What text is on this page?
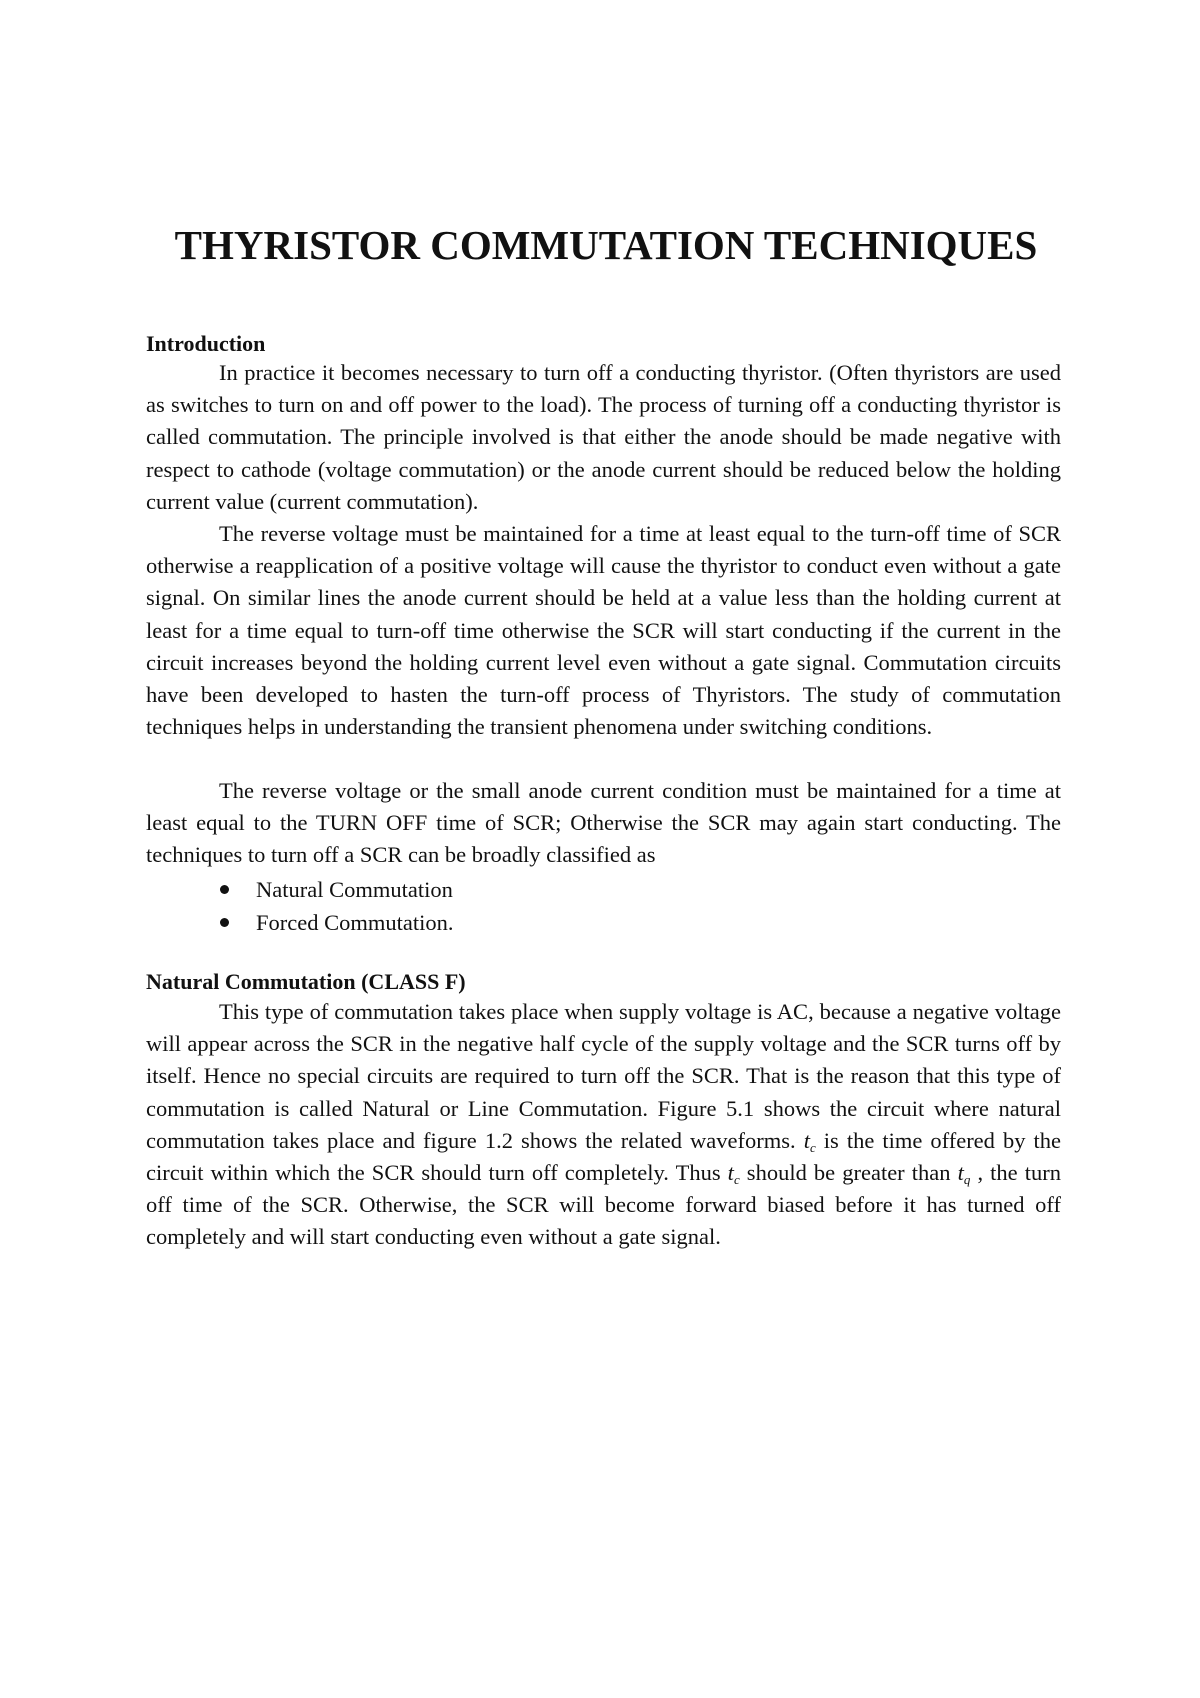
THYRISTOR COMMUTATION TECHNIQUES
Introduction

In practice it becomes necessary to turn off a conducting thyristor. (Often thyristors are used as switches to turn on and off power to the load). The process of turning off a conducting thyristor is called commutation. The principle involved is that either the anode should be made negative with respect to cathode (voltage commutation) or the anode current should be reduced below the holding current value (current commutation).

The reverse voltage must be maintained for a time at least equal to the turn-off time of SCR otherwise a reapplication of a positive voltage will cause the thyristor to conduct even without a gate signal. On similar lines the anode current should be held at a value less than the holding current at least for a time equal to turn-off time otherwise the SCR will start conducting if the current in the circuit increases beyond the holding current level even without a gate signal. Commutation circuits have been developed to hasten the turn-off process of Thyristors. The study of commutation techniques helps in understanding the transient phenomena under switching conditions.

The reverse voltage or the small anode current condition must be maintained for a time at least equal to the TURN OFF time of SCR; Otherwise the SCR may again start conducting. The techniques to turn off a SCR can be broadly classified as

Natural Commutation
Forced Commutation.
Natural Commutation (CLASS F)

This type of commutation takes place when supply voltage is AC, because a negative voltage will appear across the SCR in the negative half cycle of the supply voltage and the SCR turns off by itself. Hence no special circuits are required to turn off the SCR. That is the reason that this type of commutation is called Natural or Line Commutation. Figure 5.1 shows the circuit where natural commutation takes place and figure 1.2 shows the related waveforms. $t_c$ is the time offered by the circuit within which the SCR should turn off completely. Thus $t_c$ should be greater than $t_q$ , the turn off time of the SCR. Otherwise, the SCR will become forward biased before it has turned off completely and will start conducting even without a gate signal.
